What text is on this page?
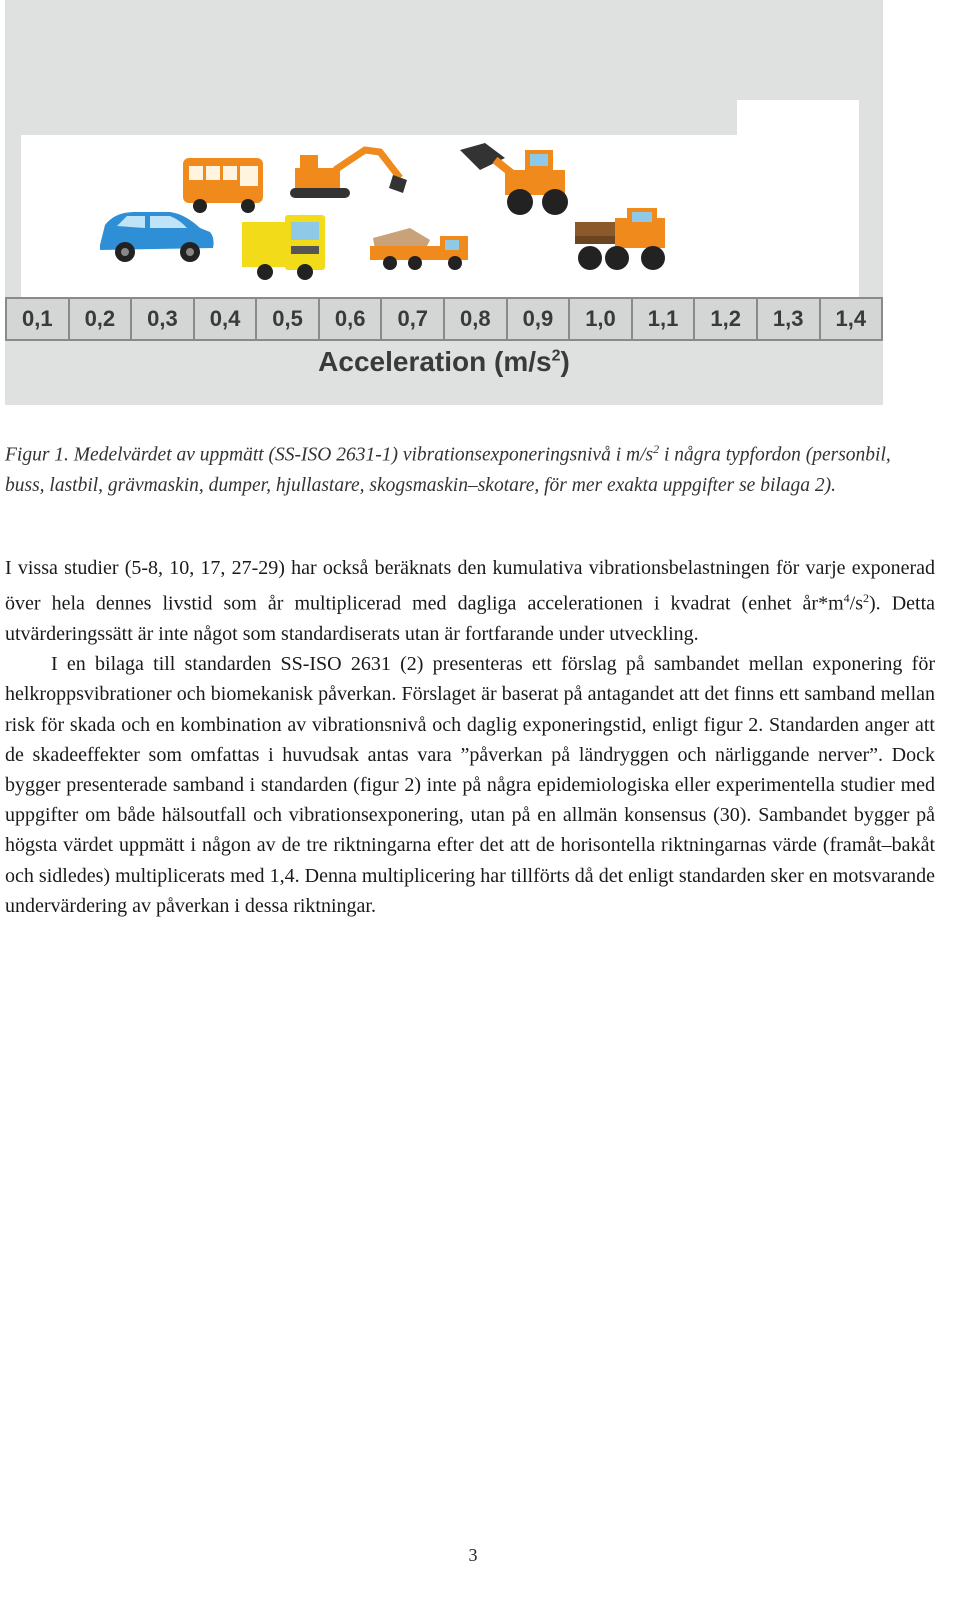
0,1	0,2	0,3	0,4	0,5	0,6	0,7	0,8	0,9	1,0	1,1	1,2	1,3	1,4
Acceleration $(m/s^2)$
Figur 1. Medelvärdet av uppmätt (SS-ISO 2631-1) vibrationsexponeringsnivå i $m/s^2$ i några typfordon (personbil, buss, lastbil, grävmaskin, dumper, hjullastare, skogsmaskin–skotare, för mer exakta uppgifter se bilaga 2).

I vissa studier (5-8, 10, 17, 27-29) har också beräknats den kumulativa vibrationsbelastningen för varje exponerad över hela dennes livstid som år multiplicerad med dagliga accelerationen i kvadrat (enhet $år*m^4/s^2$). Detta utvärderingssätt är inte något som standardiserats utan är fortfarande under utveckling.

I en bilaga till standarden SS-ISO 2631 (2) presenteras ett förslag på sambandet mellan exponering för helkroppsvibrationer och biomekanisk påverkan. Förslaget är baserat på antagandet att det finns ett samband mellan risk för skada och en kombination av vibrationsnivå och daglig exponeringstid, enligt figur 2. Standarden anger att de skadeeffekter som omfattas i huvudsak antas vara ”påverkan på ländryggen och närliggande nerver”. Dock bygger presenterade samband i standarden (figur 2) inte på några epidemiologiska eller experimentella studier med uppgifter om både hälsoutfall och vibrationsexponering, utan på en allmän konsensus (30). Sambandet bygger på högsta värdet uppmätt i någon av de tre riktningarna efter det att de horisontella riktningarnas värde (framåt–bakåt och sidledes) multiplicerats med 1,4. Denna multiplicering har tillförts då det enligt standarden sker en motsvarande undervärdering av påverkan i dessa riktningar.

3
